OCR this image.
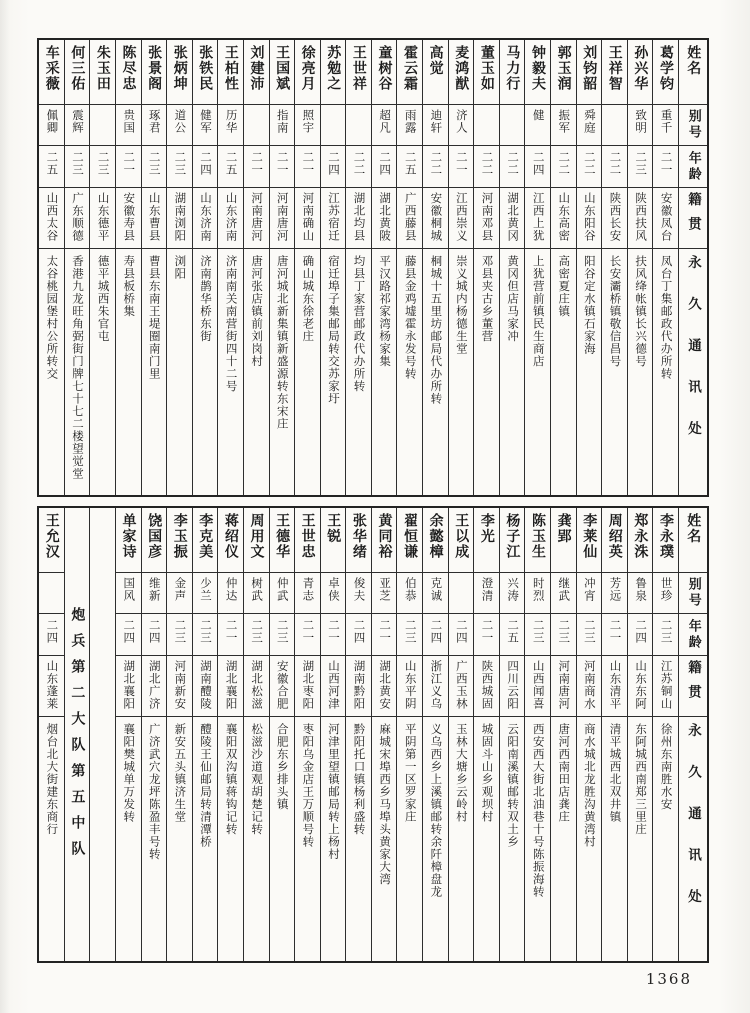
姓名
别号
年龄
籍贯
永久通讯处
葛学钧
重千
二一
安徽凤台
凤台丁集邮政代办所转
孙兴华
致明
二三
陕西扶风
扶风绛帐镇长兴德号
王祥智
二二
陕西长安
长安灞桥镇敬信昌号
刘钧韶
舜庭
二二
山东阳谷
阳谷定水镇石家海
郭玉润
振军
二二
山东高密
高密夏庄镇
钟毅夫
健
二四
江西上犹
上犹营前镇民生商店
马力行
二二
湖北黄冈
黄冈但店马家冲
董玉如
二二
河南邓县
邓县夹古乡董营
麦鸿猷
济人
二一
江西崇义
崇义城内杨德生堂
高觉
迪轩
二二
安徽桐城
桐城十五里坊邮局代办所转
霍云霜
雨露
二五
广西藤县
藤县金鸡墟霍永发号转
童树谷
超凡
二四
湖北黄陂
平汉路祁家湾杨家集
王世祥
二二
湖北均县
均县丁家营邮政代办所转
苏勉之
二四
江苏宿迁
宿迁埠子集邮局转交苏家圩
徐亮月
照宇
二一
河南确山
确山城东徐老庄
王国斌
指南
二一
河南唐河
唐河城北新集镇新盛源转东宋庄
刘建沛
二一
河南唐河
唐河张店镇前刘岗村
王柏性
历华
二五
山东济南
济南南关南营街四十二号
张铁民
健军
二四
山东济南
济南鹊华桥东街
张炳坤
道公
二三
湖南浏阳
浏阳
张景阁
琢君
二三
山东曹县
曹县东南王堤圈南门里
陈尽忠
贵国
二一
安徽寿县
寿县板桥集
朱玉田
二三
山东德平
德平城西朱官屯
何三佑
震辉
二三
广东顺德
香港九龙旺角弼街门牌七十七二楼望觉堂
车采薇
佩卿
二五
山西太谷
太谷桃园堡村公所转交
姓名
别号
年龄
籍贯
永久通讯处
李永璞
世珍
二三
江苏铜山
徐州东南胜水安
郑永洙
鲁泉
二四
山东东阿
东阿城西南郑三里庄
周绍英
芳远
二一
山东清平
清平城西北双井镇
李莱仙
冲宵
二三
河南商水
商水城北龙胜沟黄湾村
龚郢
继武
二三
河南唐河
唐河西南田店龚庄
陈玉生
时烈
二三
山西闻喜
西安西大街北油巷十号陈振海转
杨子江
兴涛
二五
四川云阳
云阳南溪镇邮转双土乡
李光
澄清
二一
陕西城固
城固斗山乡观坝村
王以成
二四
广西玉林
玉林大塘乡云岭村
余懿樟
克诚
二四
浙江义乌
义乌西乡上溪镇邮转余阡樟盘龙
翟恒谦
伯恭
二三
山东平阴
平阴第一区罗家庄
黄同裕
亚芝
二一
湖北黄安
麻城宋埠西乡马埠头黄家大湾
张华绪
俊夫
二四
湖南黔阳
黔阳托口镇杨利盛转
王锐
卓侠
二一
山西河津
河津里望镇邮局转上杨村
王世忠
青志
二一
湖北枣阳
枣阳乌金店王万顺号转
王德华
仲武
二三
安徽合肥
合肥东乡排头镇
周用文
树武
二三
湖北松滋
松滋沙道观胡楚记转
蒋绍仪
仲达
二一
湖北襄阳
襄阳双沟镇蒋钩记转
李克美
少兰
二三
湖南醴陵
醴陵王仙邮局转清潭桥
李玉振
金声
二三
河南新安
新安五头镇济生堂
饶国彦
维新
二四
湖北广济
广济武穴龙坪陈盈丰号转
单家诗
国风
二四
湖北襄阳
襄阳樊城单万发转
炮兵第二大队第五中队
王允汉
二四
山东蓬莱
烟台北大街建东商行
1368
